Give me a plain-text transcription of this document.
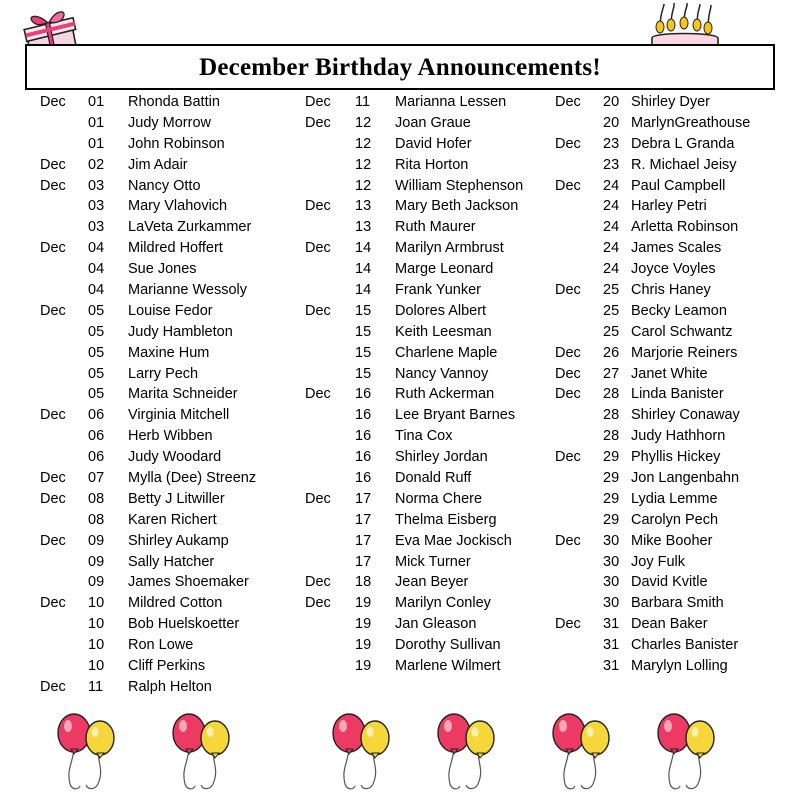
December Birthday Announcements!
Dec 01 Rhonda Battin
01 Judy Morrow
01 John Robinson
Dec 02 Jim Adair
Dec 03 Nancy Otto
03 Mary Vlahovich
03 LaVeta Zurkammer
Dec 04 Mildred Hoffert
04 Sue Jones
04 Marianne Wessoly
Dec 05 Louise Fedor
05 Judy Hambleton
05 Maxine Hum
05 Larry Pech
05 Marita Schneider
Dec 06 Virginia Mitchell
06 Herb Wibben
06 Judy Woodard
Dec 07 Mylla (Dee) Streenz
Dec 08 Betty J Litwiller
08 Karen Richert
Dec 09 Shirley Aukamp
09 Sally Hatcher
09 James Shoemaker
Dec 10 Mildred Cotton
10 Bob Huelskoetter
10 Ron Lowe
10 Cliff Perkins
Dec 11 Ralph Helton
Dec 11 Marianna Lessen
Dec 12 Joan Graue
12 David Hofer
12 Rita Horton
12 William Stephenson
Dec 13 Mary Beth Jackson
13 Ruth Maurer
Dec 14 Marilyn Armbrust
14 Marge Leonard
14 Frank Yunker
Dec 15 Dolores Albert
15 Keith Leesman
15 Charlene Maple
15 Nancy Vannoy
Dec 16 Ruth Ackerman
16 Lee Bryant Barnes
16 Tina Cox
16 Shirley Jordan
16 Donald Ruff
Dec 17 Norma Chere
17 Thelma Eisberg
17 Eva Mae Jockisch
17 Mick Turner
Dec 18 Jean Beyer
Dec 19 Marilyn Conley
19 Jan Gleason
19 Dorothy Sullivan
19 Marlene Wilmert
Dec 20 Shirley Dyer
20 MarlynGreathouse
Dec 23 Debra L Granda
23 R. Michael Jeisy
Dec 24 Paul Campbell
24 Harley Petri
24 Arletta Robinson
24 James Scales
24 Joyce Voyles
Dec 25 Chris Haney
25 Becky Leamon
25 Carol Schwantz
Dec 26 Marjorie Reiners
Dec 27 Janet White
Dec 28 Linda Banister
28 Shirley Conaway
28 Judy Hathhorn
Dec 29 Phyllis Hickey
29 Jon Langenbahn
29 Lydia Lemme
29 Carolyn Pech
Dec 30 Mike Booher
30 Joy Fulk
30 David Kvitle
30 Barbara Smith
Dec 31 Dean Baker
31 Charles Banister
31 Marylyn Lolling
